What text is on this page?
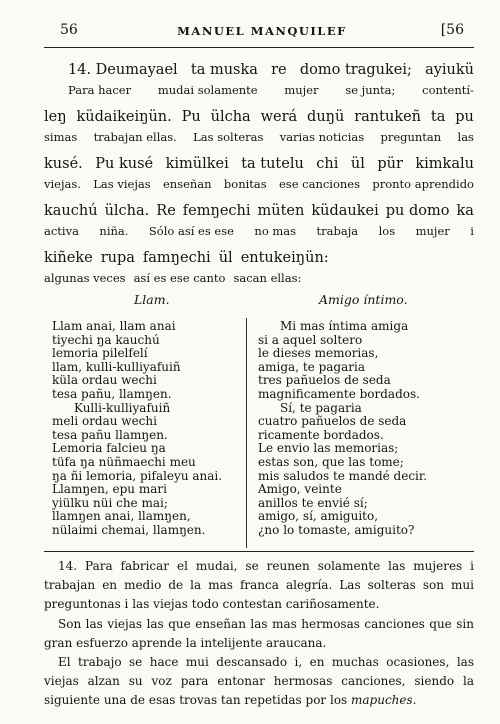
56	MANUEL MANQUILEF	[56
14. Deumayael ta muska re domo tragukei; ayiukü
Para hacer mudai solamente mujer se junta; contentí-
leŋ küdaikeiŋün. Pu ülcha werá duŋü rantukeñ ta pu
simas trabajan ellas. Las solteras varias noticias preguntan las
kusé. Pu kusé kimülkei ta tutelu chi ül pür kimkalu
viejas. Las viejas enseñan bonitas ese canciones pronto aprendido
kauchú ülcha. Re femŋechi müten küdaukei pu domo ka
activa niña. Sólo así es ese no mas trabaja los mujer i
kiñeke rupa famŋechi ül entukeiŋün:
algunas veces así es ese canto sacan ellas:
Llam.	Amigo íntimo.
Llam anai, llam anai
tiyechi ŋa kauchú
lemoria pilelfelí
llam, kulli-kulliyafuiñ
küla ordau wechi
tesa pañu, llamŋen.
Kulli-kulliyafuiñ
meli ordau wechi
tesa pañu llamŋen.
Lemoria falcieu ŋa
tüfa ŋa nüñmaechi meu
ŋa ñi lemoria, pifaleyu anai.
Llamŋen, epu mari
yiülku nüi che mai;
llamŋen anai, llamŋen,
nülaimi chemai, llamŋen.
Mi mas íntima amiga
si a aquel soltero
le dieses memorias,
amiga, te pagaria
tres pañuelos de seda
magnificamente bordados.
Sí, te pagaria
cuatro pañuelos de seda
ricamente bordados.
Le envio las memorias;
estas son, que las tome;
mis saludos te mandé decir.
Amigo, veinte
anillos te envié sí;
amigo, sí, amiguito,
¿no lo tomaste, amiguito?

14. Para fabricar el mudai, se reunen solamente las mujeres i trabajan en medio de la mas franca alegría. Las solteras son mui preguntonas i las viejas todo contestan cariñosamente.

Son las viejas las que enseñan las mas hermosas canciones que sin gran esfuerzo aprende la intelijente araucana.

El trabajo se hace mui descansado i, en muchas ocasiones, las viejas alzan su voz para entonar hermosas canciones, siendo la siguiente una de esas trovas tan repetidas por los mapuches.
